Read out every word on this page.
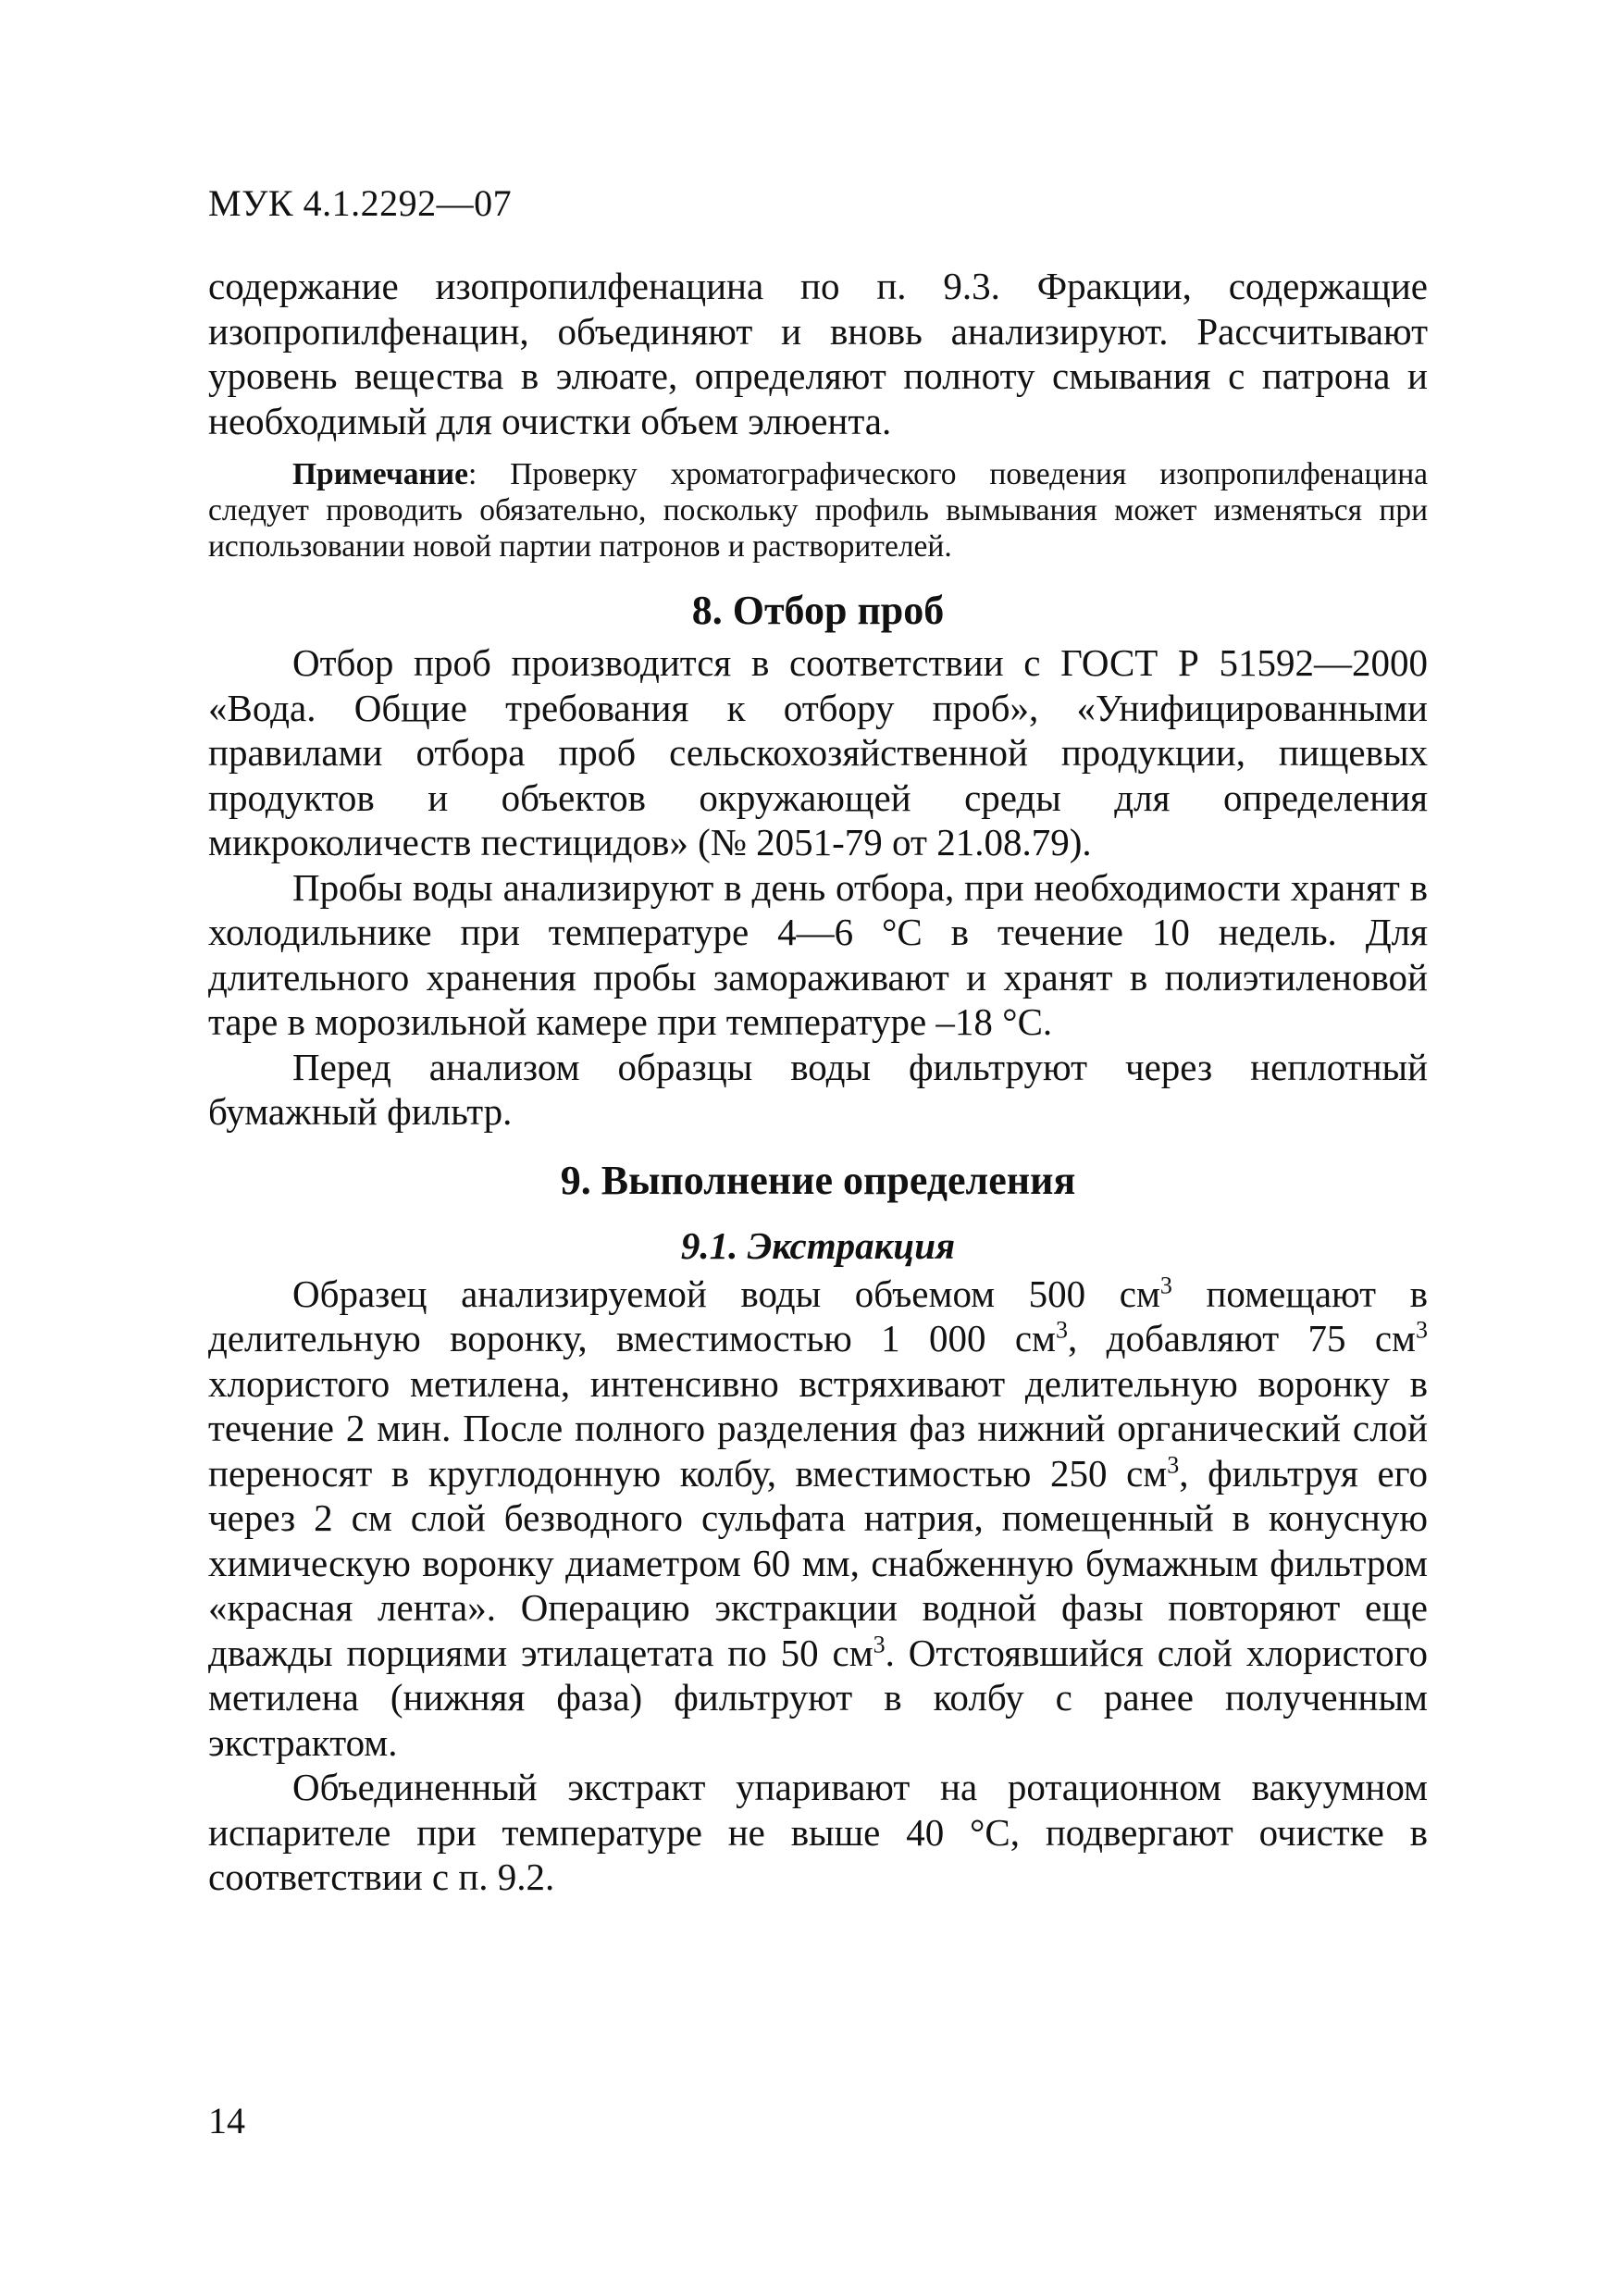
МУК 4.1.2292—07

содержание изопропилфенацина по п. 9.3. Фракции, содержащие изопропилфенацин, объединяют и вновь анализируют. Рассчитывают уровень вещества в элюате, определяют полноту смывания с патрона и необходимый для очистки объем элюента.

Примечание: Проверку хроматографического поведения изопропилфенацина следует проводить обязательно, поскольку профиль вымывания может изменяться при использовании новой партии патронов и растворителей.
8. Отбор проб

Отбор проб производится в соответствии с ГОСТ Р 51592—2000 «Вода. Общие требования к отбору проб», «Унифицированными правилами отбора проб сельскохозяйственной продукции, пищевых продуктов и объектов окружающей среды для определения микроколичеств пестицидов» (№ 2051-79 от 21.08.79).

Пробы воды анализируют в день отбора, при необходимости хранят в холодильнике при температуре 4—6 °С в течение 10 недель. Для длительного хранения пробы замораживают и хранят в полиэтиленовой таре в морозильной камере при температуре –18 °С.

Перед анализом образцы воды фильтруют через неплотный бумажный фильтр.

9. Выполнение определения
9.1. Экстракция

Образец анализируемой воды объемом 500 $см^3$ помещают в делительную воронку, вместимостью 1 000 $см^3$, добавляют 75 $см^3$ хлористого метилена, интенсивно встряхивают делительную воронку в течение 2 мин. После полного разделения фаз нижний органический слой переносят в круглодонную колбу, вместимостью 250 $см^3$, фильтруя его через 2 см слой безводного сульфата натрия, помещенный в конусную химическую воронку диаметром 60 мм, снабженную бумажным фильтром «красная лента». Операцию экстракции водной фазы повторяют еще дважды порциями этилацетата по 50 $см^3$. Отстоявшийся слой хлористого метилена (нижняя фаза) фильтруют в колбу с ранее полученным экстрактом.

Объединенный экстракт упаривают на ротационном вакуумном испарителе при температуре не выше 40 °С, подвергают очистке в соответствии с п. 9.2.

14
